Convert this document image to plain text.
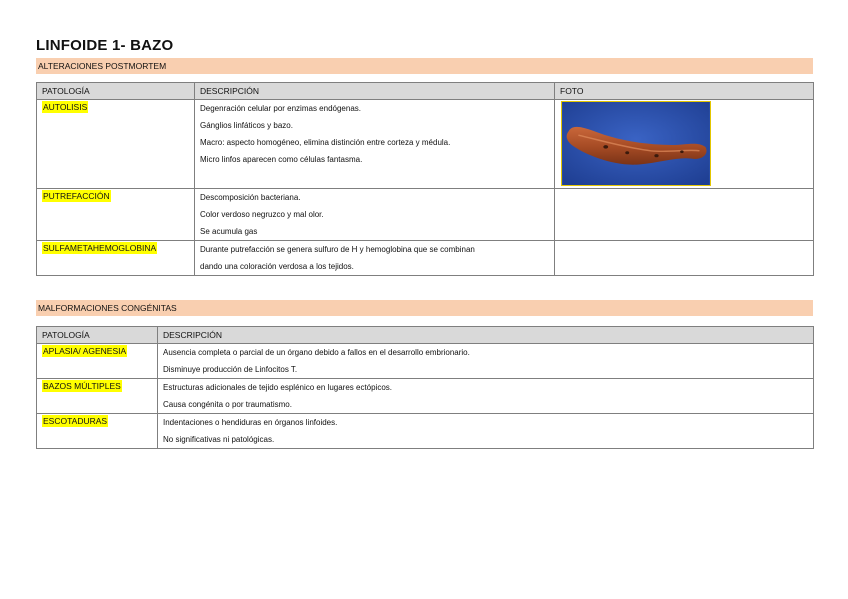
LINFOIDE 1- BAZO
ALTERACIONES POSTMORTEM
PATOLOGÍA	DESCRIPCIÓN	FOTO
AUTOLISIS	Degenración celular por enzimas endógenas.
Gánglios linfáticos y bazo.
Macro: aspecto homogéneo, elimina distinción entre corteza y médula.
Micro linfos aparecen como células fantasma.

PUTREFACCIÓN	Descomposición bacteriana.
Color verdoso negruzco y mal olor.
Se acumula gas	

SULFAMETAHEMOGLOBINA	Durante putrefacción se genera sulfuro de H y hemoglobina que se combinan
dando una coloración verdosa a los tejidos.	

MALFORMACIONES CONGÉNITAS
PATOLOGÍA	DESCRIPCIÓN
APLASIA/ AGENESIA	Ausencia completa o parcial de un órgano debido a fallos en el desarrollo embrionario.
Disminuye producción de Linfocitos T.

BAZOS MÚLTIPLES	Estructuras adicionales de tejido esplénico en lugares ectópicos.
Causa congénita o por traumatismo.

ESCOTADURAS	Indentaciones o hendiduras en órganos linfoides.
No significativas ni patológicas.
